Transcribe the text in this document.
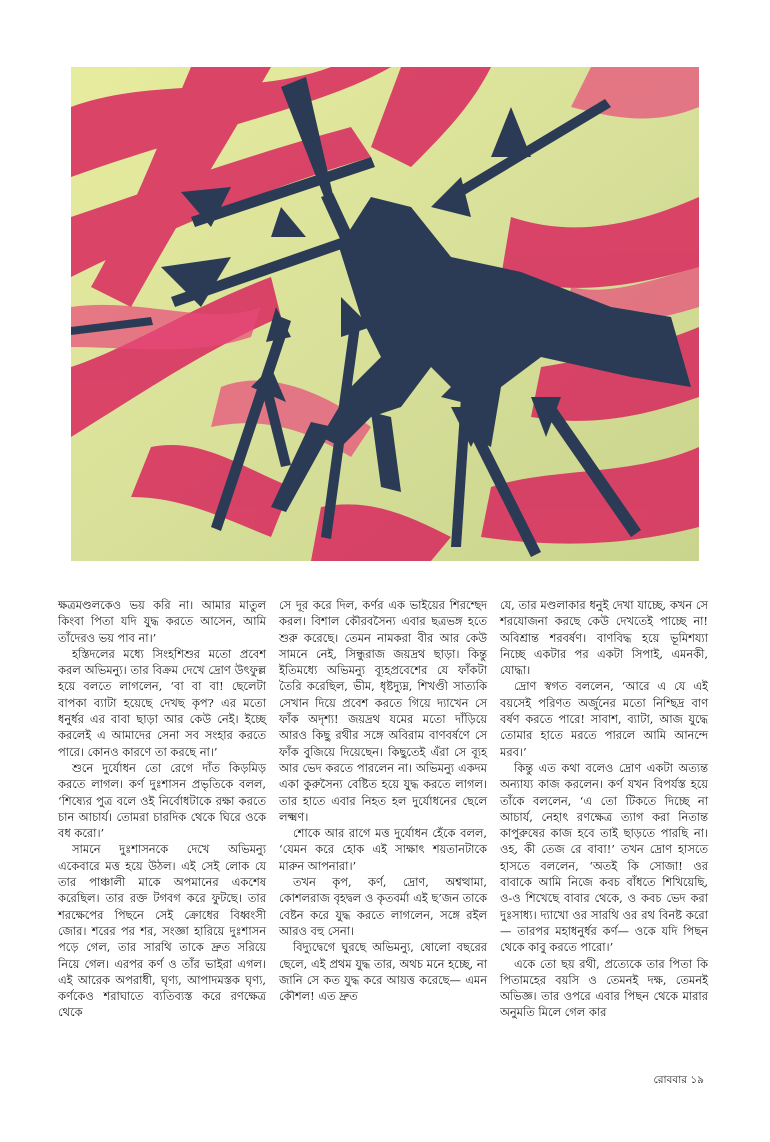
ক্ষত্রমণ্ডলকেও ভয় করি না। আমার মাতুল কিংবা পিতা যদি যুদ্ধ করতে আসেন, আমি তাঁদেরও ভয় পাব না।’

হস্তিদলের মধ্যে সিংহশিশুর মতো প্রবেশ করল অভিমন্যু। তার বিক্রম দেখে দ্রোণ উৎফুল্ল হয়ে বলতে লাগলেন, ‘বা বা বা! ছেলেটা বাপকা ব্যাটা হয়েছে দেখছ কৃপ? এর মতো ধনুর্ধর এর বাবা ছাড়া আর কেউ নেই। ইচ্ছে করলেই এ আমাদের সেনা সব সংহার করতে পারে। কোনও কারণে তা করছে না।’

শুনে দুর্যোধন তো রেগে দাঁত কিড়মিড় করতে লাগল। কর্ণ দুঃশাসন প্রভৃতিকে বলল, ‘শিষ্যের পুত্র বলে ওই নির্বোধটাকে রক্ষা করতে চান আচার্য। তোমরা চারদিক থেকে ঘিরে ওকে বধ করো।’

সামনে দুঃশাসনকে দেখে অভিমন্যু একেবারে মত্ত হয়ে উঠল। এই সেই লোক যে তার পাঞ্চালী মাকে অপমানের একশেষ করেছিল। তার রক্ত টগবগ করে ফুটছে। তার শরক্ষেপের পিছনে সেই ক্রোধের বিধ্বংসী জোর। শরের পর শর, সংজ্ঞা হারিয়ে দুঃশাসন পড়ে গেল, তার সারথি তাকে দ্রুত সরিয়ে নিয়ে গেল। এরপর কর্ণ ও তাঁর ভাইরা এগল। এই আরেক অপরাধী, ঘৃণ্য, আপাদমস্তক ঘৃণ্য, কর্ণকেও শরাঘাতে ব্যতিব্যস্ত করে রণক্ষেত্র থেকে

সে দূর করে দিল, কর্ণর এক ভাইয়ের শিরশ্ছেদ করল। বিশাল কৌরবসৈন্য এবার ছত্রভঙ্গ হতে শুরু করেছে। তেমন নামকরা বীর আর কেউ সামনে নেই, সিন্ধুরাজ জয়দ্রথ ছাড়া। কিন্তু ইতিমধ্যে অভিমন্যু ব্যূহপ্রবেশের যে ফাঁকটা তৈরি করেছিল, ভীম, ধৃষ্টদ্যুম্ন, শিখণ্ডী সাত্যকি সেখান দিয়ে প্রবেশ করতে গিয়ে দ্যাখেন সে ফাঁক অদৃশ্য! জয়দ্রথ যমের মতো দাঁড়িয়ে আরও কিছু রথীর সঙ্গে অবিরাম বাণবর্ষণে সে ফাঁক বুজিয়ে দিয়েছেন। কিছুতেই এঁরা সে ব্যূহ আর ভেদ করতে পারলেন না। অভিমন্যু একদম একা কুরুসৈন্য বেষ্টিত হয়ে যুদ্ধ করতে লাগল। তার হাতে এবার নিহত হল দুর্যোধনের ছেলে লক্ষ্মণ।

শোকে আর রাগে মত্ত দুর্যোধন হেঁকে বলল, ‘যেমন করে হোক এই সাক্ষাৎ শয়তানটাকে মারুন আপনারা।’

তখন কৃপ, কর্ণ, দ্রোণ, অশ্বত্থামা, কোশলরাজ বৃহদ্বল ও কৃতবর্মা এই ছ’জন তাকে বেষ্টন করে যুদ্ধ করতে লাগলেন, সঙ্গে রইল আরও বহু সেনা।

বিদ্যুদ্বেগে ঘুরছে অভিমন্যু, ষোলো বছরের ছেলে, এই প্রথম যুদ্ধ তার, অথচ মনে হচ্ছে, না জানি সে কত যুদ্ধ করে আয়ত্ত করেছে— এমন কৌশল! এত দ্রুত

যে, তার মণ্ডলাকার ধনুই দেখা যাচ্ছে, কখন সে শরযোজনা করছে কেউ দেখতেই পাচ্ছে না! অবিশ্রান্ত শরবর্ষণ। বাণবিদ্ধ হয়ে ভূমিশয্যা নিচ্ছে একটার পর একটা সিপাই, এমনকী, যোদ্ধা।

দ্রোণ স্বগত বললেন, ‘আরে এ যে এই বয়সেই পরিণত অর্জুনের মতো নিশ্ছিদ্র বাণ বর্ষণ করতে পারে! সাবাশ, ব্যাটা, আজ যুদ্ধে তোমার হাতে মরতে পারলে আমি আনন্দে মরব।’

কিন্তু এত কথা বলেও দ্রোণ একটা অত্যন্ত অন্যায্য কাজ করলেন। কর্ণ যখন বিপর্যস্ত হয়ে তাঁকে বললেন, ‘এ তো টিকতে দিচ্ছে না আচার্য, নেহাৎ রণক্ষেত্র ত্যাগ করা নিতান্ত কাপুরুষের কাজ হবে তাই ছাড়তে পারছি না। ওহ, কী তেজ রে বাবা!’ তখন দ্রোণ হাসতে হাসতে বললেন, ‘অতই কি সোজা! ওর বাবাকে আমি নিজে কবচ বাঁধতে শিখিয়েছি, ও-ও শিখেছে বাবার থেকে, ও কবচ ভেদ করা দুঃসাধ্য। দ্যাখো ওর সারথি ওর রথ বিনষ্ট করো— তারপর মহাধনুর্ধর কর্ণ— ওকে যদি পিছন থেকে কাবু করতে পারো।’

একে তো ছয় রথী, প্রত্যেকে তার পিতা কি পিতামহের বয়সি ও তেমনই দক্ষ, তেমনই অভিজ্ঞ। তার ওপরে এবার পিছন থেকে মারার অনুমতি মিলে গেল কার

রোববার ১৯
